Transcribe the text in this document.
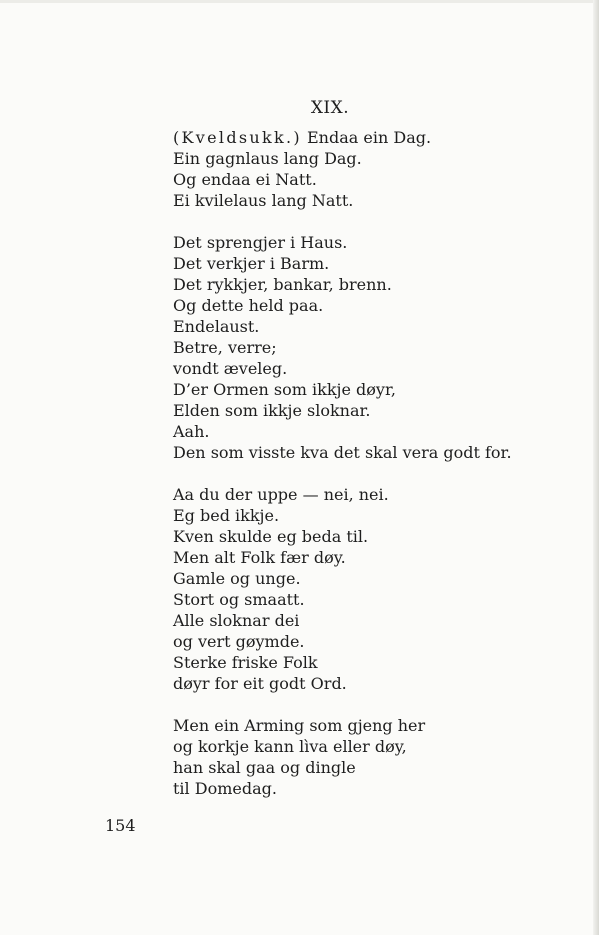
XIX.
(Kveldsukk.) Endaa ein Dag.
Ein gagnlaus lang Dag.
Og endaa ei Natt.
Ei kvilelaus lang Natt.
Det sprengjer i Haus.
Det verkjer i Barm.
Det rykkjer, bankar, brenn.
Og dette held paa.
Endelaust.
Betre, verre;
vondt æveleg.
D’er Ormen som ikkje døyr,
Elden som ikkje sloknar.
Aah.
Den som visste kva det skal vera godt for.
Aa du der uppe — nei, nei.
Eg bed ikkje.
Kven skulde eg beda til.
Men alt Folk fær døy.
Gamle og unge.
Stort og smaatt.
Alle sloknar dei
og vert gøymde.
Sterke friske Folk
døyr for eit godt Ord.
Men ein Arming som gjeng her
og korkje kann lìva eller døy,
han skal gaa og dingle
til Domedag.
154
